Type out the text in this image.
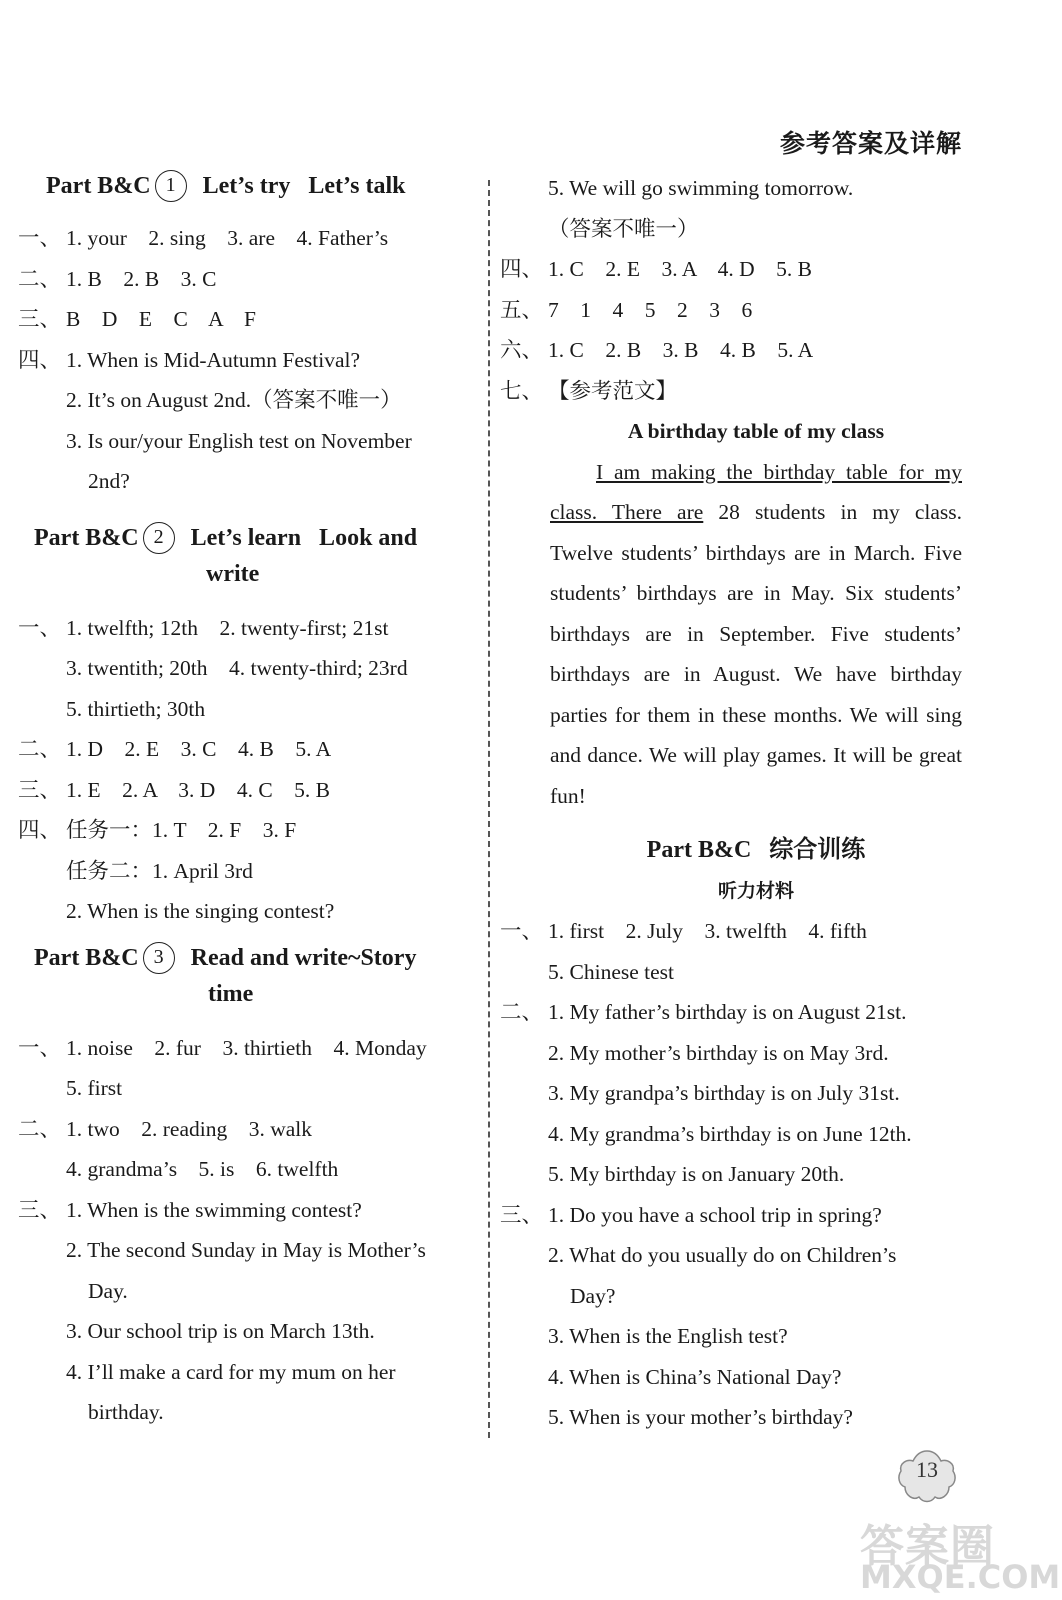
参考答案及详解
Part B&C 1 Let’s try   Let’s talk
一、 1. your    2. sing    3. are    4. Father’s
二、 1. B    2. B    3. C
三、 B    D    E    C    A    F
四、 1. When is Mid-Autumn Festival?
2. It’s on August 2nd.（答案不唯一）
3. Is our/your English test on November
2nd?
Part B&C 2 Let’s learn   Look and
write
一、 1. twelfth; 12th    2. twenty-first; 21st
3. twentith; 20th    4. twenty-third; 23rd
5. thirtieth; 30th
二、 1. D    2. E    3. C    4. B    5. A
三、 1. E    2. A    3. D    4. C    5. B
四、 任务一：1. T    2. F    3. F
任务二：1. April 3rd
2. When is the singing contest?
Part B&C 3 Read and write~Story
time
一、 1. noise    2. fur    3. thirtieth    4. Monday
5. first
二、 1. two    2. reading    3. walk
4. grandma’s    5. is    6. twelfth
三、 1. When is the swimming contest?
2. The second Sunday in May is Mother’s
Day.
3. Our school trip is on March 13th.
4. I’ll make a card for my mum on her
birthday.
5. We will go swimming tomorrow.
（答案不唯一）
四、 1. C    2. E    3. A    4. D    5. B
五、 7    1    4    5    2    3    6
六、 1. C    2. B    3. B    4. B    5. A
七、 【参考范文】
A birthday table of my class
I am making the birthday table for my class. There are 28 students in my class. Twelve students’ birthdays are in March. Five students’ birthdays are in May. Six students’ birthdays are in September. Five students’ birthdays are in August. We have birthday parties for them in these months. We will sing and dance. We will play games. It will be great fun!
Part B&C   综合训练
听力材料
一、 1. first    2. July    3. twelfth    4. fifth
5. Chinese test
二、 1. My father’s birthday is on August 21st.
2. My mother’s birthday is on May 3rd.
3. My grandpa’s birthday is on July 31st.
4. My grandma’s birthday is on June 12th.
5. My birthday is on January 20th.
三、 1. Do you have a school trip in spring?
2. What do you usually do on Children’s
Day?
3. When is the English test?
4. When is China’s National Day?
5. When is your mother’s birthday?
13
答案圈
MXQE.COM
